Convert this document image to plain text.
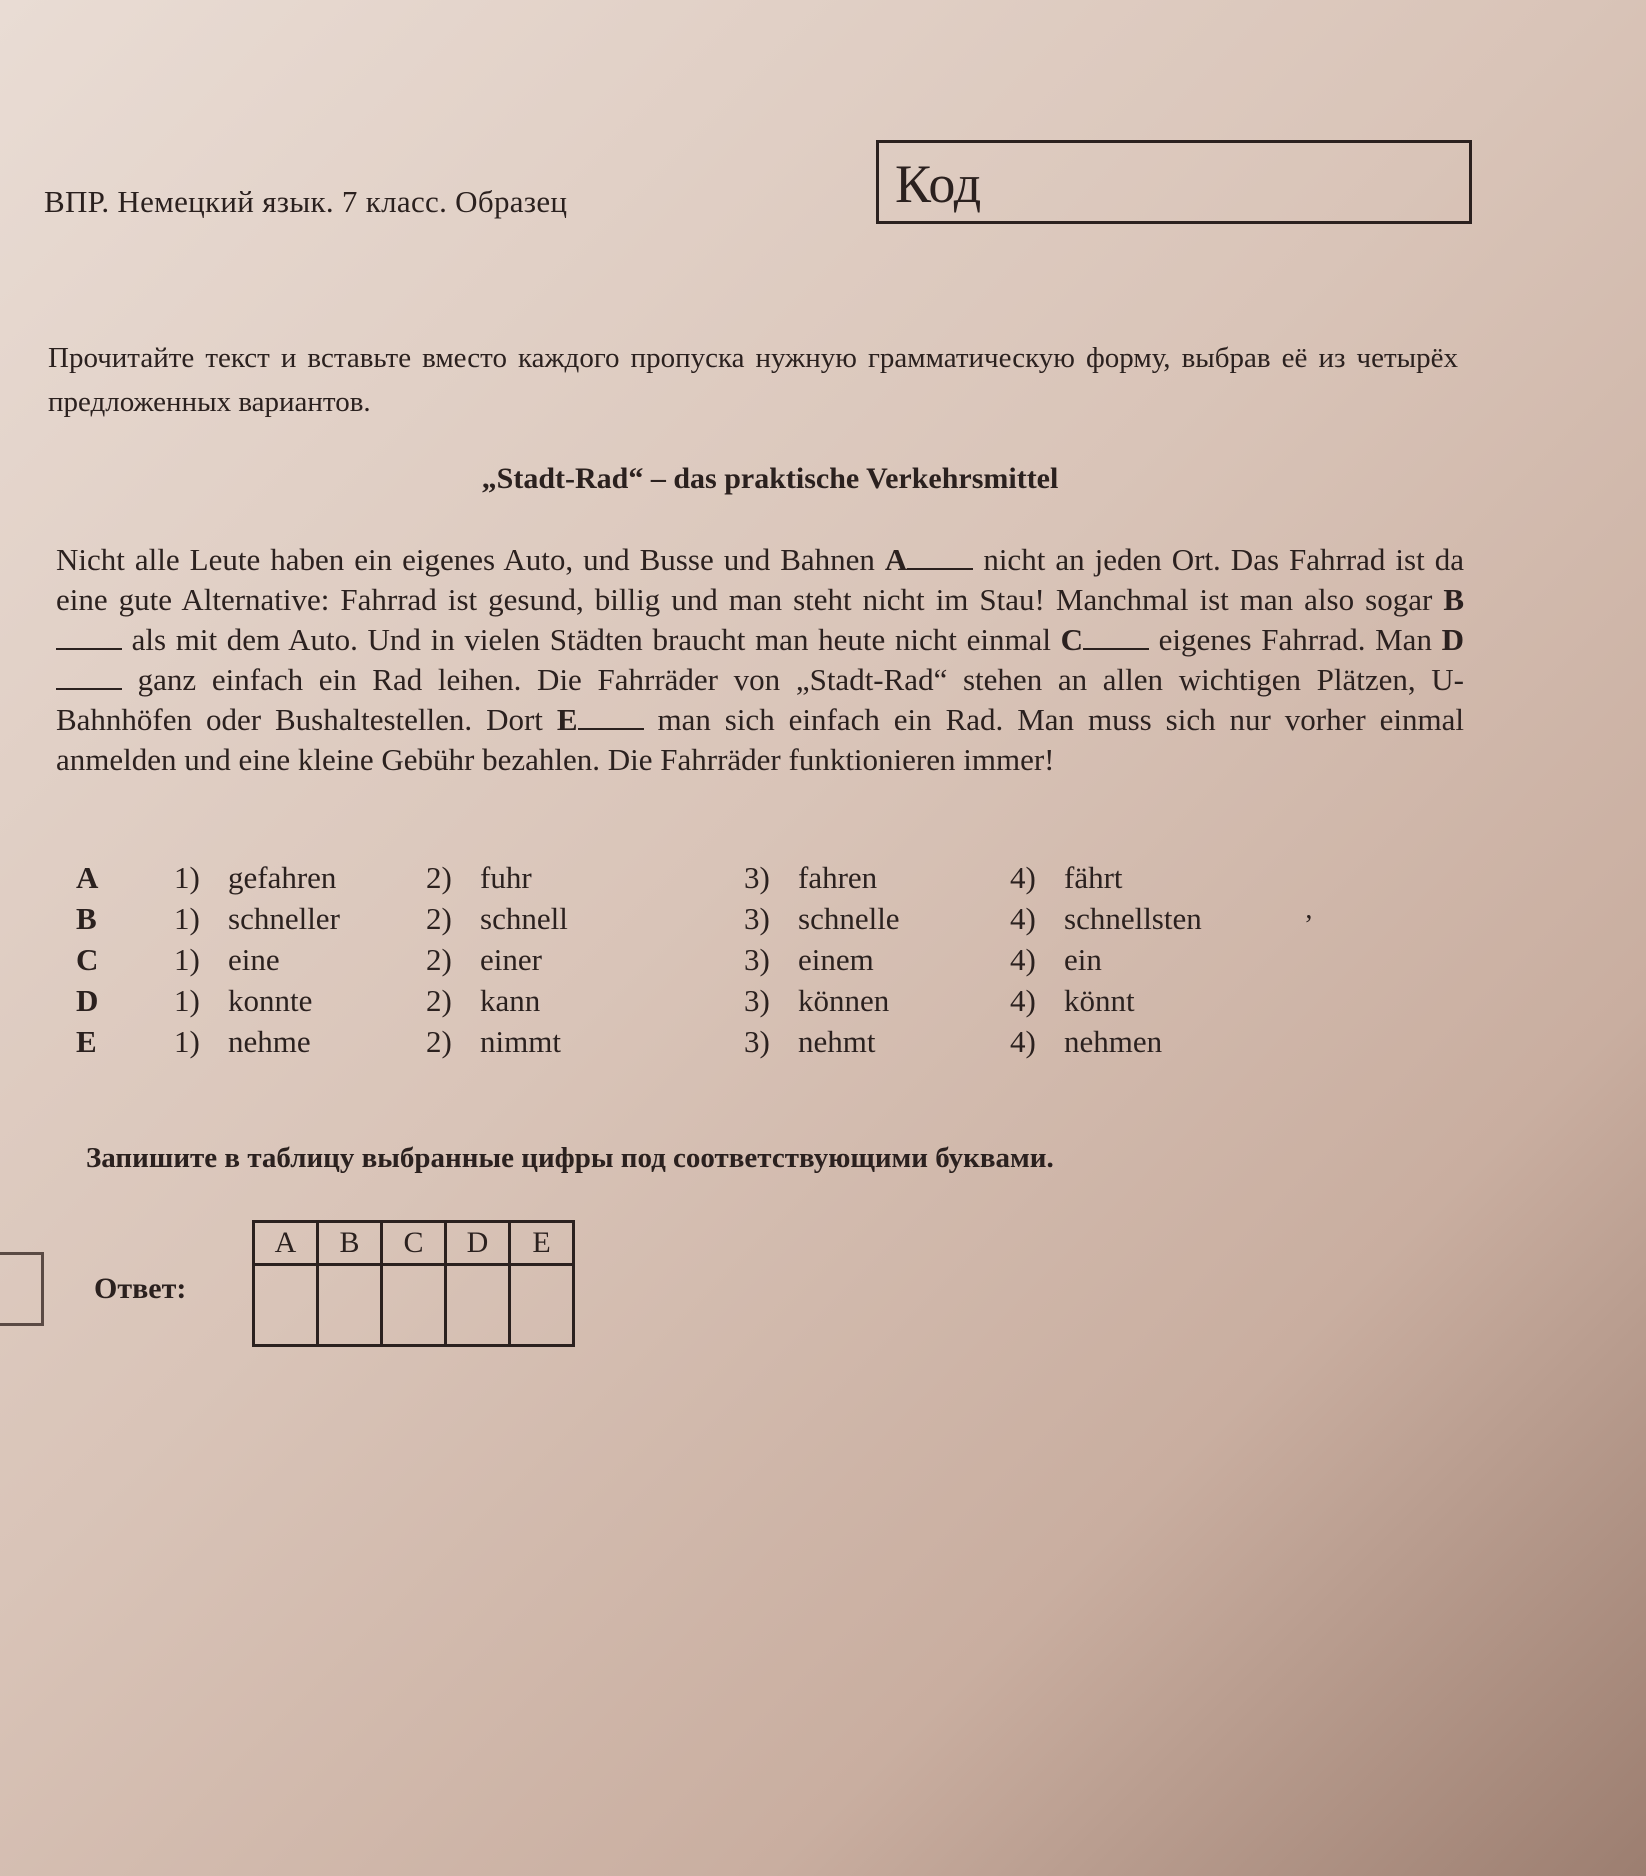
ВПР. Немецкий язык. 7 класс. Образец	Код
Прочитайте текст и вставьте вместо каждого пропуска нужную грамматическую форму, выбрав её из четырёх предложенных вариантов.
„Stadt-Rad“ – das praktische Verkehrsmittel

Nicht alle Leute haben ein eigenes Auto, und Busse und Bahnen A nicht an jeden Ort. Das Fahrrad ist da eine gute Alternative: Fahrrad ist gesund, billig und man steht nicht im Stau! Manchmal ist man also sogar B als mit dem Auto. Und in vielen Städten braucht man heute nicht einmal C eigenes Fahrrad. Man D ganz einfach ein Rad leihen. Die Fahrräder von „Stadt-Rad“ stehen an allen wichtigen Plätzen, U-Bahnhöfen oder Bushaltestellen. Dort E man sich einfach ein Rad. Man muss sich nur vorher einmal anmelden und eine kleine Gebühr bezahlen. Die Fahrräder funktionieren immer!

A 1) gefahren	2) fuhr	3) fahren	4) fährt
B 1) schneller	2) schnell	3) schnelle	4) schnellsten
C 1) eine	2) einer	3) einem	4) ein
D 1) konnte	2) kann	3) können	4) könnt
E 1) nehme	2) nimmt	3) nehmt	4) nehmen
ʼ
Запишите в таблицу выбранные цифры под соответствующими буквами.
Ответ:
A	B	C	D	E
